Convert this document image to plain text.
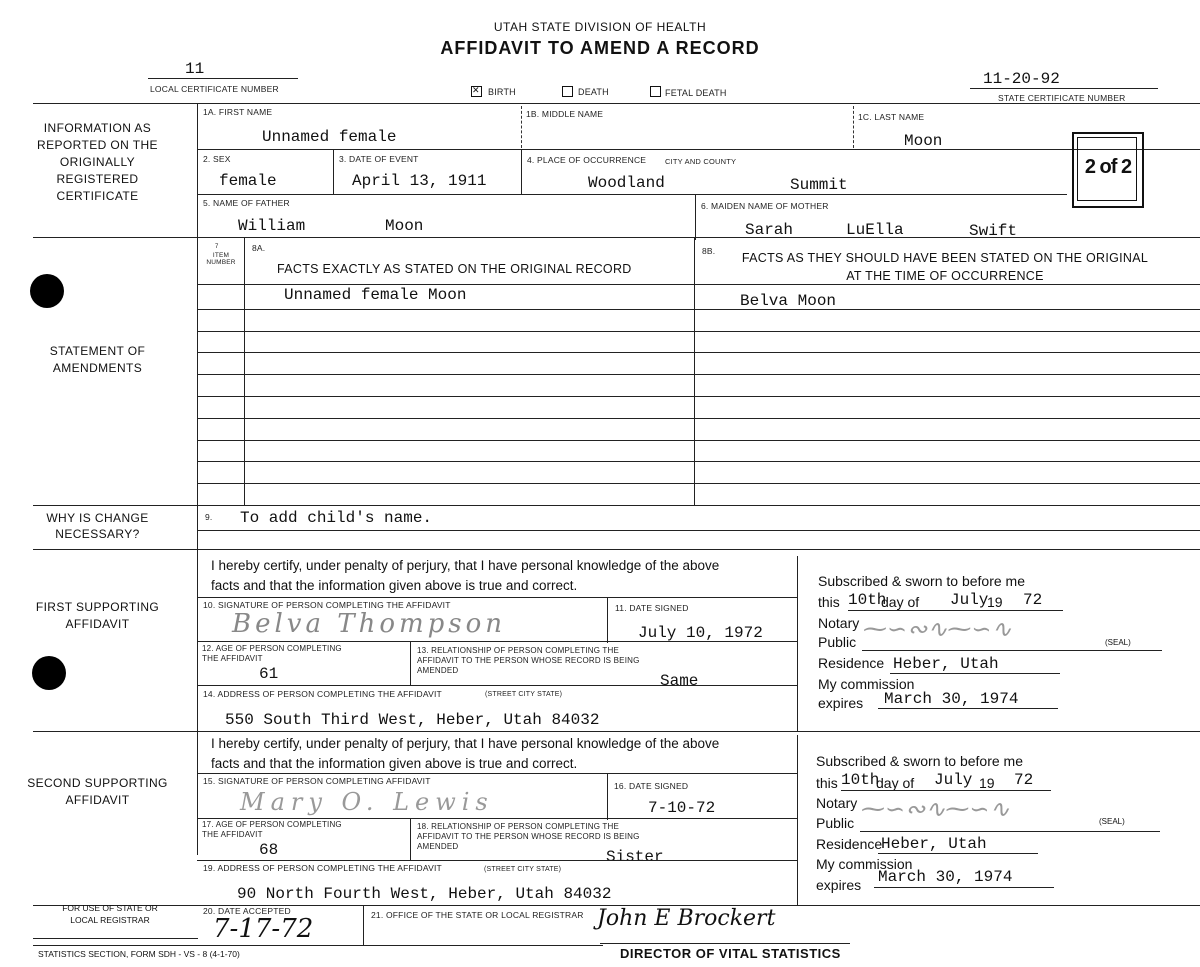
UTAH STATE DIVISION OF HEALTH
AFFIDAVIT TO AMEND A RECORD
11
LOCAL CERTIFICATE NUMBER
11-20-92
STATE CERTIFICATE NUMBER
✕
BIRTH	DEATH	FETAL DEATH
INFORMATION AS REPORTED ON THE ORIGINALLY REGISTERED CERTIFICATE
1A. FIRST NAME
Unnamed female
1B. MIDDLE NAME	1C. LAST NAME
Moon
2. SEX
female
3. DATE OF EVENT
April 13, 1911
4. PLACE OF OCCURRENCE	CITY AND COUNTY
Woodland	Summit
2 of 2
5. NAME OF FATHER
William	Moon
6. MAIDEN NAME OF MOTHER
Sarah	LuElla	Swift
STATEMENT OF AMENDMENTS
7
ITEM NUMBER
8A.
FACTS EXACTLY AS STATED ON THE ORIGINAL RECORD
8B.	FACTS AS THEY SHOULD HAVE BEEN STATED ON THE ORIGINAL AT THE TIME OF OCCURRENCE
Unnamed female Moon	Belva Moon
WHY IS CHANGE NECESSARY?
9. To add child's name.
FIRST SUPPORTING AFFIDAVIT
I hereby certify, under penalty of perjury, that I have personal knowledge of the above facts and that the information given above is true and correct.
10. SIGNATURE OF PERSON COMPLETING THE AFFIDAVIT
Belva Thompson
11. DATE SIGNED
July 10, 1972
12. AGE OF PERSON COMPLETING THE AFFIDAVIT
61
13. RELATIONSHIP OF PERSON COMPLETING THE AFFIDAVIT TO THE PERSON WHOSE RECORD IS BEING AMENDED
Same
14. ADDRESS OF PERSON COMPLETING THE AFFIDAVIT	(STREET CITY STATE)
550 South Third West, Heber, Utah 84032
Subscribed & sworn to before me
this 10th
day of July
19 72
Notary
Public ⁓∽∾∿⁓∽∿	(SEAL)
Residence Heber, Utah
My commission
expires March 30, 1974
SECOND SUPPORTING AFFIDAVIT
I hereby certify, under penalty of perjury, that I have personal knowledge of the above facts and that the information given above is true and correct.
15. SIGNATURE OF PERSON COMPLETING AFFIDAVIT
Mary O. Lewis
16. DATE SIGNED
7-10-72
17. AGE OF PERSON COMPLETING THE AFFIDAVIT
68
18. RELATIONSHIP OF PERSON COMPLETING THE AFFIDAVIT TO THE PERSON WHOSE RECORD IS BEING AMENDED
Sister
19. ADDRESS OF PERSON COMPLETING THE AFFIDAVIT	(STREET CITY STATE)
90 North Fourth West, Heber, Utah 84032
Subscribed & sworn to before me
this 10th
day of July 19 72
Notary
Public ⁓∽∾∿⁓∽∿	(SEAL)
Residence
Heber, Utah
My commission
expires March 30, 1974
FOR USE OF STATE OR LOCAL REGISTRAR
20. DATE ACCEPTED
7-17-72	21. OFFICE OF THE STATE OR LOCAL REGISTRAR John E Brockert
DIRECTOR OF VITAL STATISTICS
STATISTICS SECTION, FORM SDH - VS - 8 (4-1-70)
